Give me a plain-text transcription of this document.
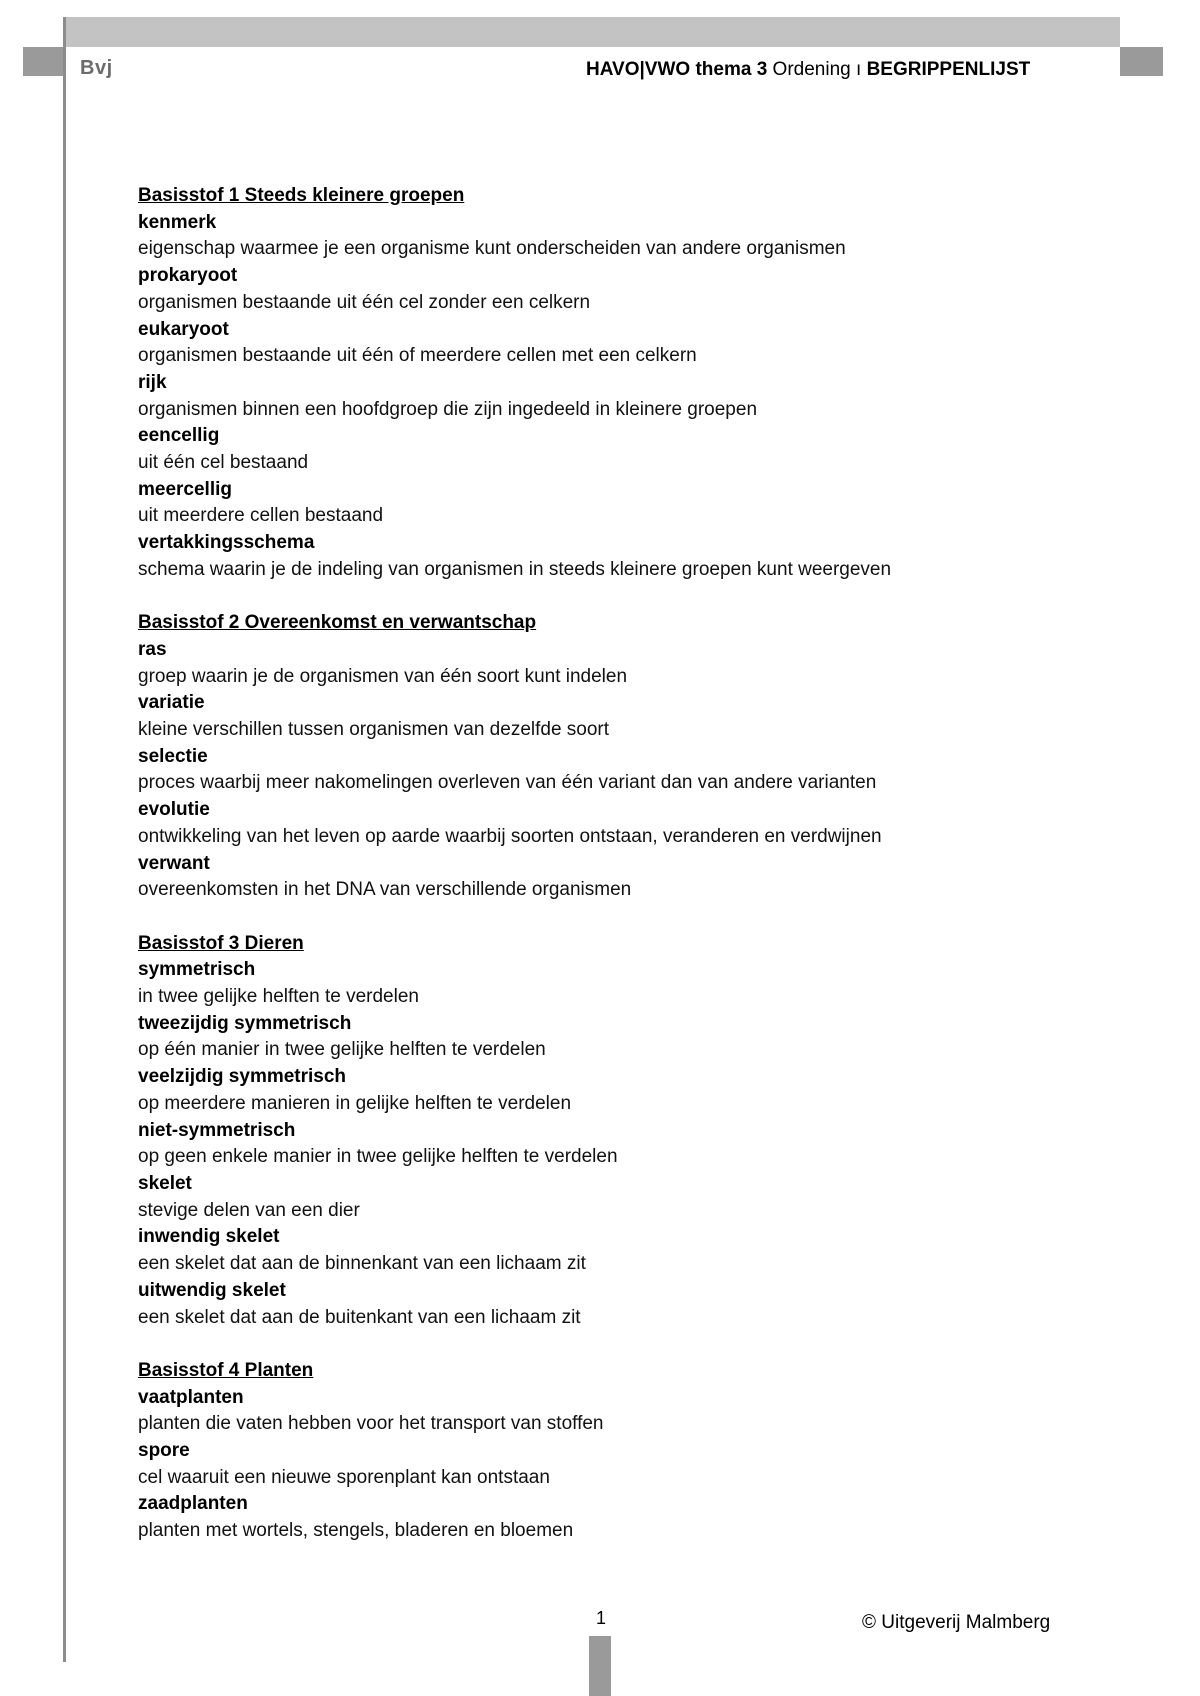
Bvj	HAVO|VWO thema 3 Ordening ı BEGRIPPENLIJST
Basisstof 1 Steeds kleinere groepen
kenmerk
eigenschap waarmee je een organisme kunt onderscheiden van andere organismen
prokaryoot
organismen bestaande uit één cel zonder een celkern
eukaryoot
organismen bestaande uit één of meerdere cellen met een celkern
rijk
organismen binnen een hoofdgroep die zijn ingedeeld in kleinere groepen
eencellig
uit één cel bestaand
meercellig
uit meerdere cellen bestaand
vertakkingsschema
schema waarin je de indeling van organismen in steeds kleinere groepen kunt weergeven
Basisstof 2 Overeenkomst en verwantschap
ras
groep waarin je de organismen van één soort kunt indelen
variatie
kleine verschillen tussen organismen van dezelfde soort
selectie
proces waarbij meer nakomelingen overleven van één variant dan van andere varianten
evolutie
ontwikkeling van het leven op aarde waarbij soorten ontstaan, veranderen en verdwijnen
verwant
overeenkomsten in het DNA van verschillende organismen
Basisstof 3 Dieren
symmetrisch
in twee gelijke helften te verdelen
tweezijdig symmetrisch
op één manier in twee gelijke helften te verdelen
veelzijdig symmetrisch
op meerdere manieren in gelijke helften te verdelen
niet-symmetrisch
op geen enkele manier in twee gelijke helften te verdelen
skelet
stevige delen van een dier
inwendig skelet
een skelet dat aan de binnenkant van een lichaam zit
uitwendig skelet
een skelet dat aan de buitenkant van een lichaam zit
Basisstof 4 Planten
vaatplanten
planten die vaten hebben voor het transport van stoffen
spore
cel waaruit een nieuwe sporenplant kan ontstaan
zaadplanten
planten met wortels, stengels, bladeren en bloemen
1	© Uitgeverij Malmberg
